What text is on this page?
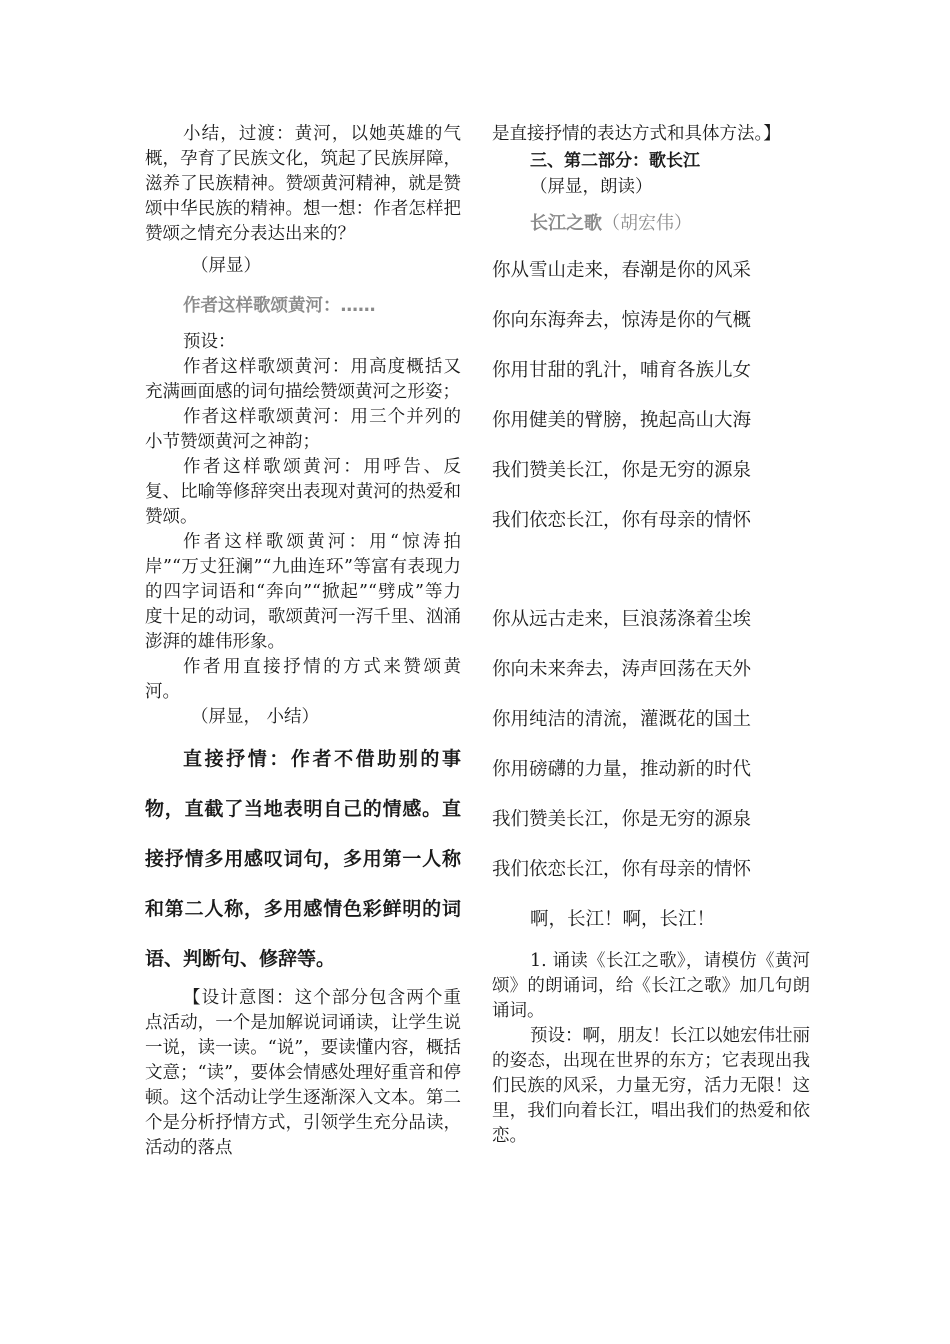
小结，过渡：黄河，以她英雄的气概，孕育了民族文化，筑起了民族屏障，滋养了民族精神。赞颂黄河精神，就是赞颂中华民族的精神。想一想：作者怎样把赞颂之情充分表达出来的？

（屏显）

作者这样歌颂黄河：……

预设：

作者这样歌颂黄河：用高度概括又充满画面感的词句描绘赞颂黄河之形姿；

作者这样歌颂黄河：用三个并列的小节赞颂黄河之神韵；

作者这样歌颂黄河：用呼告、反复、比喻等修辞突出表现对黄河的热爱和赞颂。

作者这样歌颂黄河：用“惊涛拍岸”“万丈狂澜”“九曲连环”等富有表现力的四字词语和“奔向”“掀起”“劈成”等力度十足的动词，歌颂黄河一泻千里、汹涌澎湃的雄伟形象。

作者用直接抒情的方式来赞颂黄河。

（屏显， 小结）

直接抒情：作者不借助别的事物，直截了当地表明自己的情感。直接抒情多用感叹词句，多用第一人称和第二人称，多用感情色彩鲜明的词语、判断句、修辞等。

【设计意图：这个部分包含两个重点活动，一个是加解说词诵读，让学生说一说，读一读。“说”，要读懂内容，概括文意；“读”，要体会情感处理好重音和停顿。这个活动让学生逐渐深入文本。第二个是分析抒情方式，引领学生充分品读，活动的落点

是直接抒情的表达方式和具体方法。】

三、第二部分：歌长江

（屏显，朗读）

长江之歌（胡宏伟）

你从雪山走来，春潮是你的风采

你向东海奔去，惊涛是你的气概

你用甘甜的乳汁，哺育各族儿女

你用健美的臂膀，挽起高山大海

我们赞美长江，你是无穷的源泉

我们依恋长江，你有母亲的情怀

你从远古走来，巨浪荡涤着尘埃

你向未来奔去，涛声回荡在天外

你用纯洁的清流，灌溉花的国土

你用磅礴的力量，推动新的时代

我们赞美长江，你是无穷的源泉

我们依恋长江，你有母亲的情怀

啊，长江！啊，长江！

1. 诵读《长江之歌》，请模仿《黄河颂》的朗诵词，给《长江之歌》加几句朗诵词。

预设：啊，朋友！长江以她宏伟壮丽的姿态，出现在世界的东方；它表现出我们民族的风采，力量无穷，活力无限！这里，我们向着长江，唱出我们的热爱和依恋。
